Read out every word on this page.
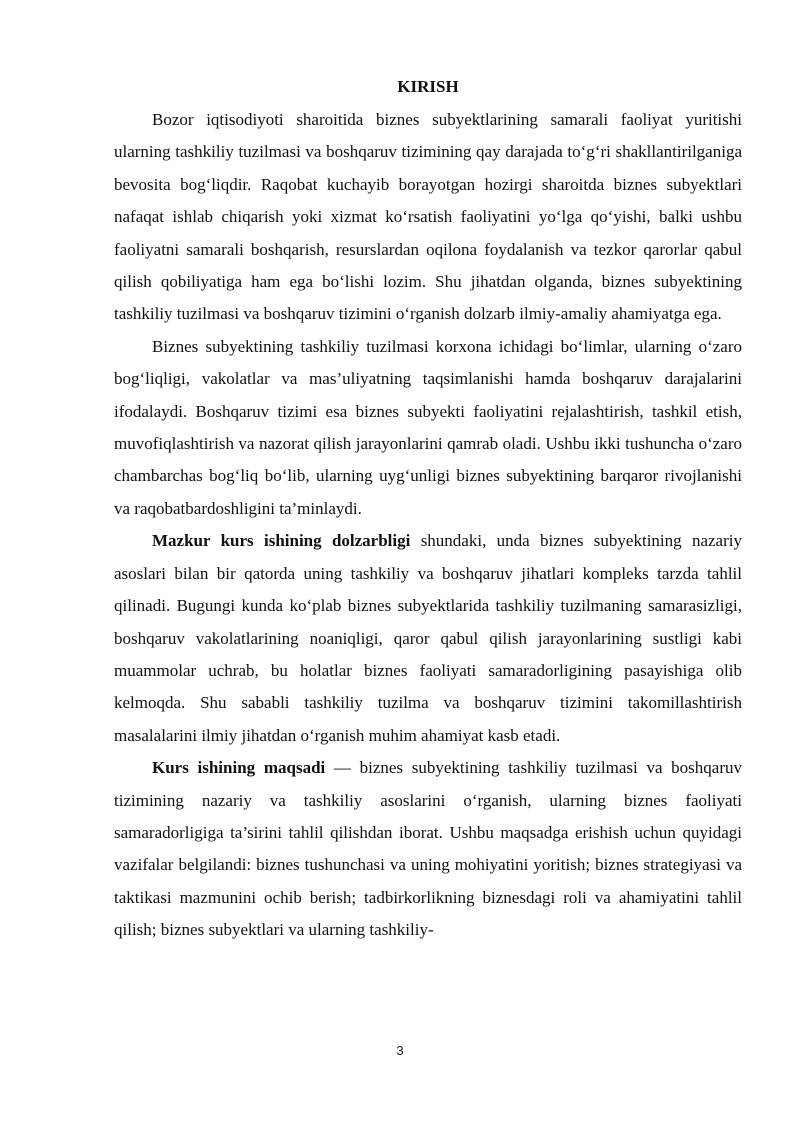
KIRISH

Bozor iqtisodiyoti sharoitida biznes subyektlarining samarali faoliyat yuritishi ularning tashkiliy tuzilmasi va boshqaruv tizimining qay darajada to‘g‘ri shakllantirilganiga bevosita bog‘liqdir. Raqobat kuchayib borayotgan hozirgi sharoitda biznes subyektlari nafaqat ishlab chiqarish yoki xizmat ko‘rsatish faoliyatini yo‘lga qo‘yishi, balki ushbu faoliyatni samarali boshqarish, resurslardan oqilona foydalanish va tezkor qarorlar qabul qilish qobiliyatiga ham ega bo‘lishi lozim. Shu jihatdan olganda, biznes subyektining tashkiliy tuzilmasi va boshqaruv tizimini o‘rganish dolzarb ilmiy-amaliy ahamiyatga ega.

Biznes subyektining tashkiliy tuzilmasi korxona ichidagi bo‘limlar, ularning o‘zaro bog‘liqligi, vakolatlar va mas’uliyatning taqsimlanishi hamda boshqaruv darajalarini ifodalaydi. Boshqaruv tizimi esa biznes subyekti faoliyatini rejalashtirish, tashkil etish, muvofiqlashtirish va nazorat qilish jarayonlarini qamrab oladi. Ushbu ikki tushuncha o‘zaro chambarchas bog‘liq bo‘lib, ularning uyg‘unligi biznes subyektining barqaror rivojlanishi va raqobatbardoshligini ta’minlaydi.

Mazkur kurs ishining dolzarbligi shundaki, unda biznes subyektining nazariy asoslari bilan bir qatorda uning tashkiliy va boshqaruv jihatlari kompleks tarzda tahlil qilinadi. Bugungi kunda ko‘plab biznes subyektlarida tashkiliy tuzilmaning samarasizligi, boshqaruv vakolatlarining noaniqligi, qaror qabul qilish jarayonlarining sustligi kabi muammolar uchrab, bu holatlar biznes faoliyati samaradorligining pasayishiga olib kelmoqda. Shu sababli tashkiliy tuzilma va boshqaruv tizimini takomillashtirish masalalarini ilmiy jihatdan o‘rganish muhim ahamiyat kasb etadi.

Kurs ishining maqsadi — biznes subyektining tashkiliy tuzilmasi va boshqaruv tizimining nazariy va tashkiliy asoslarini o‘rganish, ularning biznes faoliyati samaradorligiga ta’sirini tahlil qilishdan iborat. Ushbu maqsadga erishish uchun quyidagi vazifalar belgilandi: biznes tushunchasi va uning mohiyatini yoritish; biznes strategiyasi va taktikasi mazmunini ochib berish; tadbirkorlikning biznesdagi roli va ahamiyatini tahlil qilish; biznes subyektlari va ularning tashkiliy-

3
